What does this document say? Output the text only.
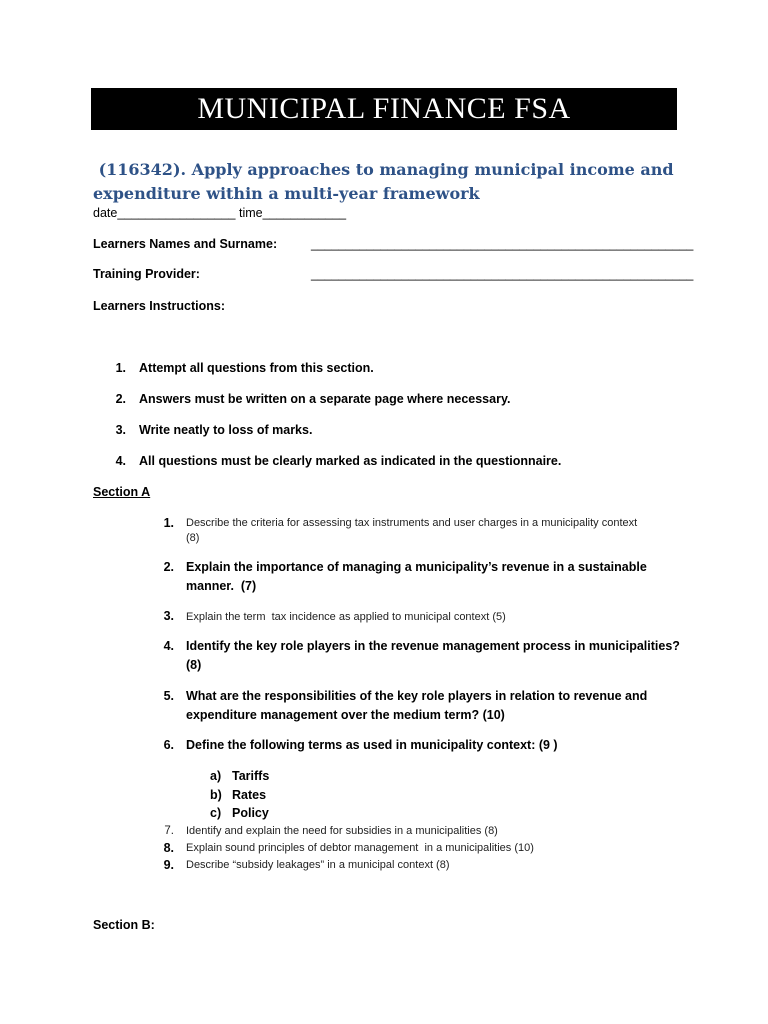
MUNICIPAL FINANCE FSA
(116342). Apply approaches to managing municipal income and
expenditure within a multi-year framework
date_________________ time____________
Learners Names and Surname:	_______________________________________________________
Training Provider:	_______________________________________________________
Learners Instructions:
1. Attempt all questions from this section.
2. Answers must be written on a separate page where necessary.
3. Write neatly to loss of marks.
4. All questions must be clearly marked as indicated in the questionnaire.
Section A
1. Describe the criteria for assessing tax instruments and user charges in a municipality context
(8)
2. Explain the importance of managing a municipality’s revenue in a sustainable
manner.  (7)
3. Explain the term  tax incidence as applied to municipal context (5)
4. Identify the key role players in the revenue management process in municipalities?
(8)
5. What are the responsibilities of the key role players in relation to revenue and
expenditure management over the medium term? (10)
6. Define the following terms as used in municipality context: (9 )
a) Tariffs
b) Rates
c) Policy
7. Identify and explain the need for subsidies in a municipalities (8)
8. Explain sound principles of debtor management  in a municipalities (10)
9. Describe “subsidy leakages” in a municipal context (8)
Section B:
